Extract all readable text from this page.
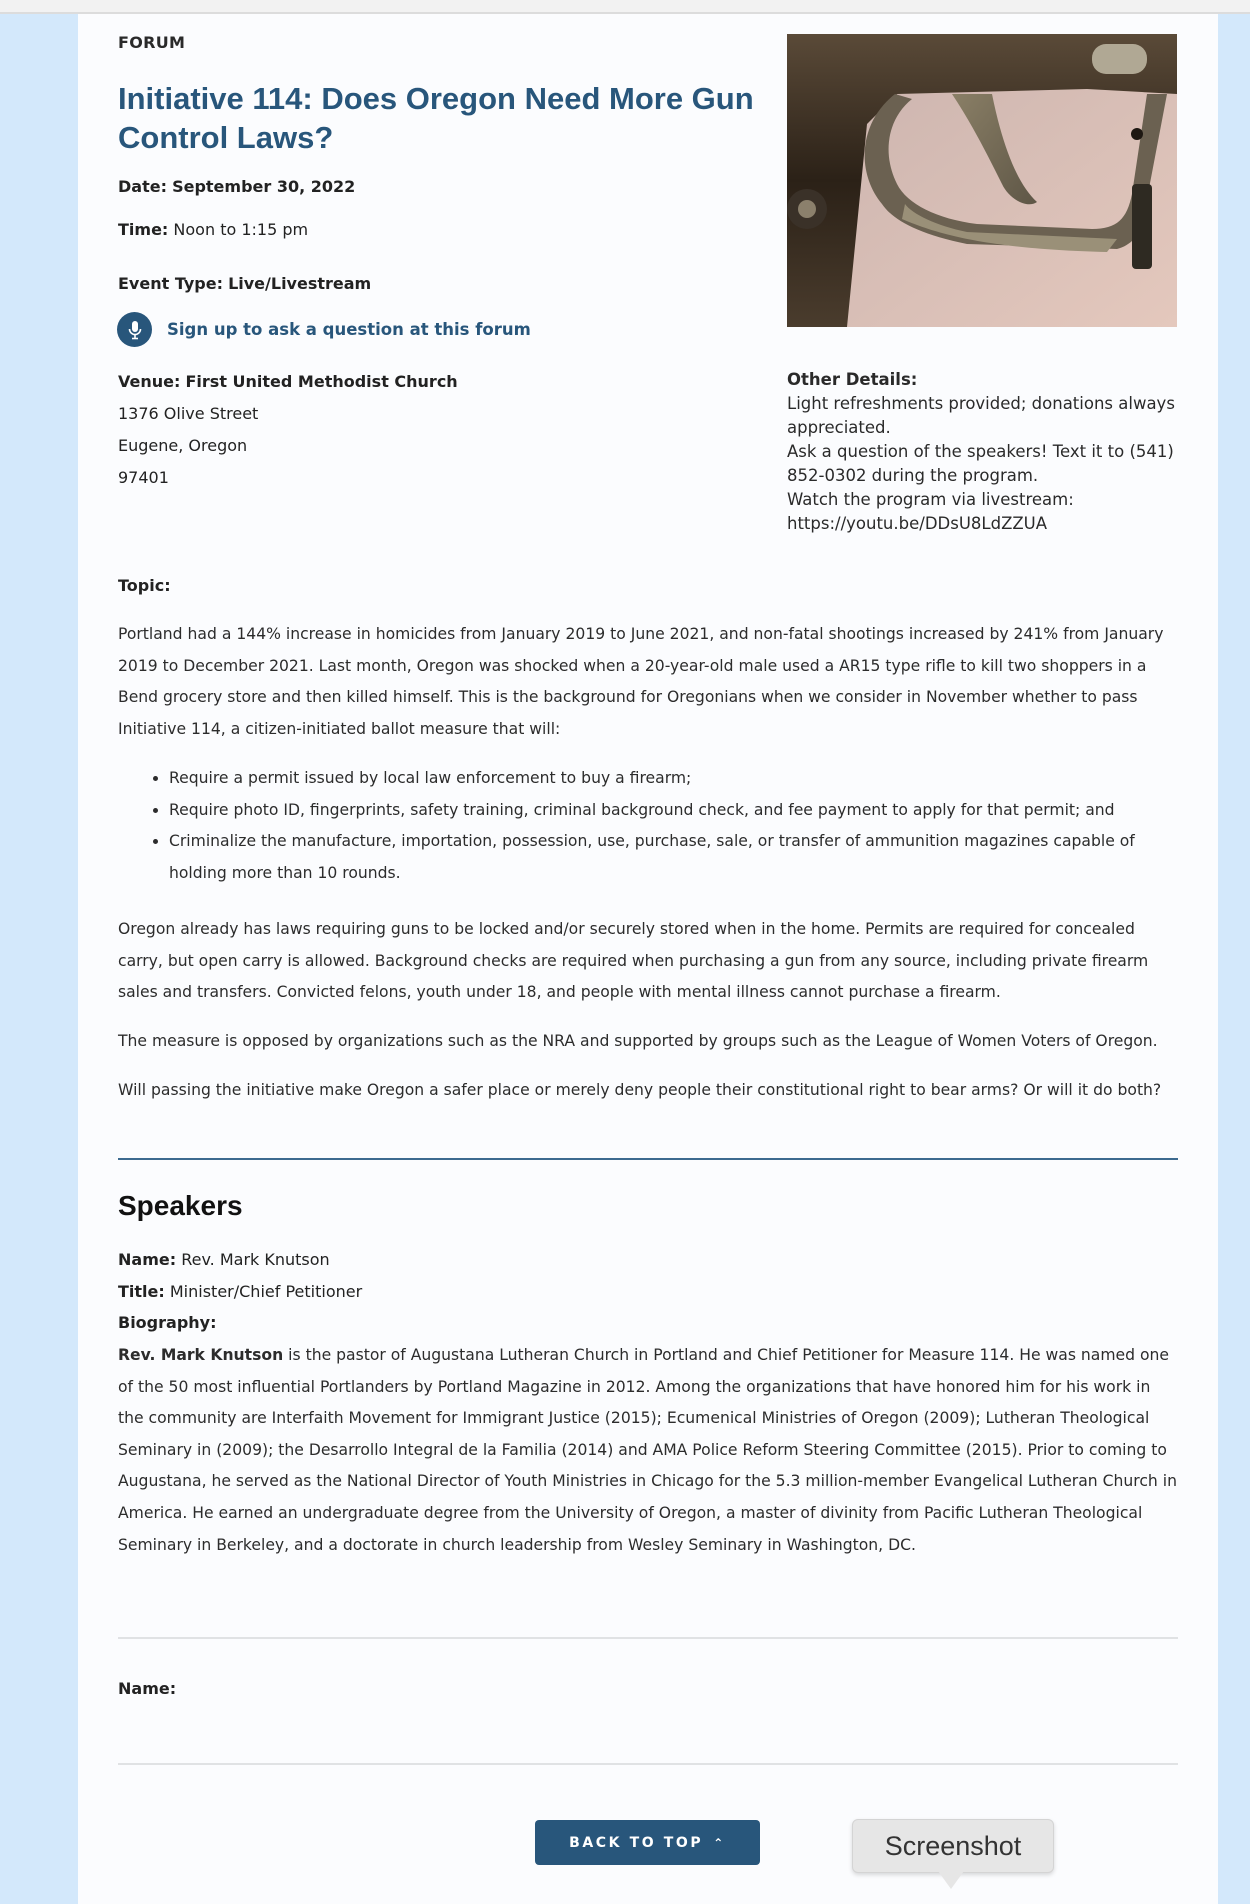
FORUM
Initiative 114: Does Oregon Need More Gun Control Laws?
Date: September 30, 2022
Time: Noon to 1:15 pm
Event Type: Live/Livestream
Sign up to ask a question at this forum
Venue: First United Methodist Church
1376 Olive Street
Eugene, Oregon
97401
Other Details:
Light refreshments provided; donations always appreciated.
Ask a question of the speakers! Text it to (541) 852-0302 during the program.
Watch the program via livestream: https://youtu.be/DDsU8LdZZUA
Topic:
Portland had a 144% increase in homicides from January 2019 to June 2021, and non-fatal shootings increased by 241% from January 2019 to December 2021. Last month, Oregon was shocked when a 20-year-old male used a AR15 type rifle to kill two shoppers in a Bend grocery store and then killed himself. This is the background for Oregonians when we consider in November whether to pass Initiative 114, a citizen-initiated ballot measure that will:
• Require a permit issued by local law enforcement to buy a firearm;
• Require photo ID, fingerprints, safety training, criminal background check, and fee payment to apply for that permit; and
• Criminalize the manufacture, importation, possession, use, purchase, sale, or transfer of ammunition magazines capable of holding more than 10 rounds.
Oregon already has laws requiring guns to be locked and/or securely stored when in the home. Permits are required for concealed carry, but open carry is allowed. Background checks are required when purchasing a gun from any source, including private firearm sales and transfers. Convicted felons, youth under 18, and people with mental illness cannot purchase a firearm.
The measure is opposed by organizations such as the NRA and supported by groups such as the League of Women Voters of Oregon.
Will passing the initiative make Oregon a safer place or merely deny people their constitutional right to bear arms? Or will it do both?
Speakers
Name: Rev. Mark Knutson
Title: Minister/Chief Petitioner
Biography:
Rev. Mark Knutson is the pastor of Augustana Lutheran Church in Portland and Chief Petitioner for Measure 114. He was named one of the 50 most influential Portlanders by Portland Magazine in 2012. Among the organizations that have honored him for his work in the community are Interfaith Movement for Immigrant Justice (2015); Ecumenical Ministries of Oregon (2009); Lutheran Theological Seminary in (2009); the Desarrollo Integral de la Familia (2014) and AMA Police Reform Steering Committee (2015). Prior to coming to Augustana, he served as the National Director of Youth Ministries in Chicago for the 5.3 million-member Evangelical Lutheran Church in America. He earned an undergraduate degree from the University of Oregon, a master of divinity from Pacific Lutheran Theological Seminary in Berkeley, and a doctorate in church leadership from Wesley Seminary in Washington, DC.
Name:
BACK TO TOP ⌃	Screenshot
